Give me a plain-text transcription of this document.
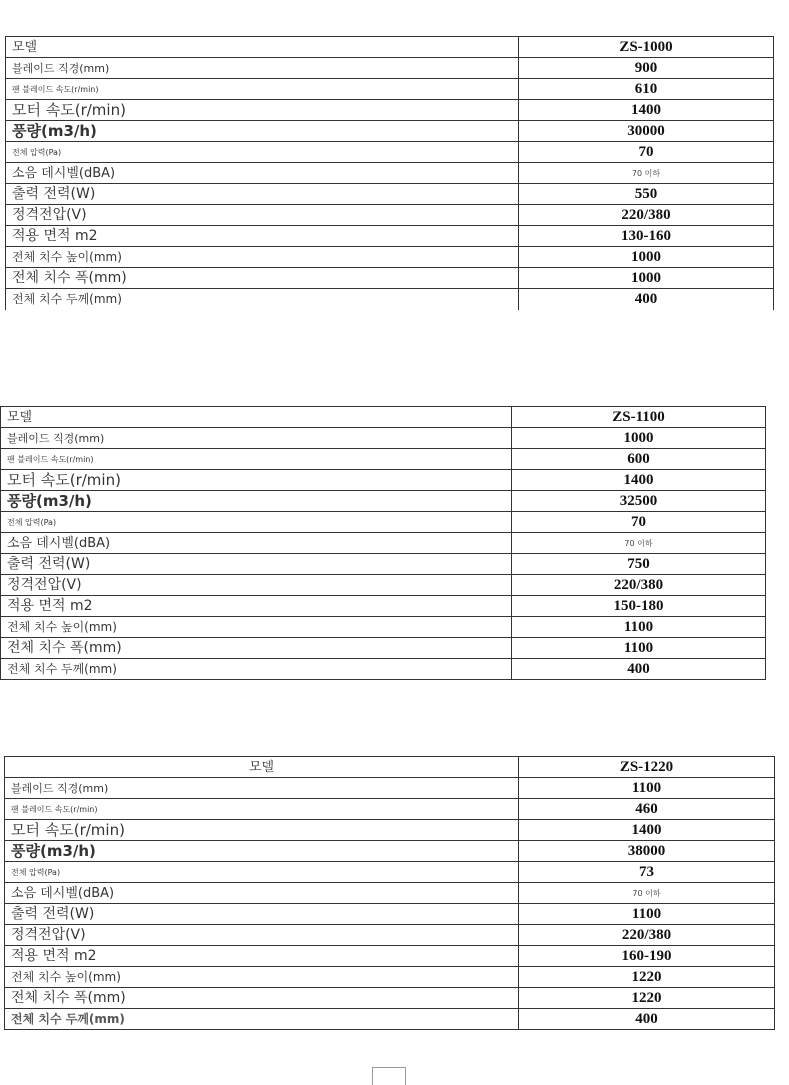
모델	ZS-1000
블레이드 직경(mm)	900
팬 블레이드 속도(r/min)	610
모터 속도(r/min)	1400
풍량(m3/h)	30000
전체 압력(Pa)	70
소음 데시벨(dBA)	70 이하
출력 전력(W)	550
정격전압(V)	220/380
적용 면적 m2	130-160
전체 치수 높이(mm)	1000
전체 치수 폭(mm)	1000
전체 치수 두께(mm)	400
모델	ZS-1100
블레이드 직경(mm)	1000
팬 블레이드 속도(r/min)	600
모터 속도(r/min)	1400
풍량(m3/h)	32500
전체 압력(Pa)	70
소음 데시벨(dBA)	70 이하
출력 전력(W)	750
정격전압(V)	220/380
적용 면적 m2	150-180
전체 치수 높이(mm)	1100
전체 치수 폭(mm)	1100
전체 치수 두께(mm)	400
모델	ZS-1220
블레이드 직경(mm)	1100
팬 블레이드 속도(r/min)	460
모터 속도(r/min)	1400
풍량(m3/h)	38000
전체 압력(Pa)	73
소음 데시벨(dBA)	70 이하
출력 전력(W)	1100
정격전압(V)	220/380
적용 면적 m2	160-190
전체 치수 높이(mm)	1220
전체 치수 폭(mm)	1220
전체 치수 두께(mm)	400
